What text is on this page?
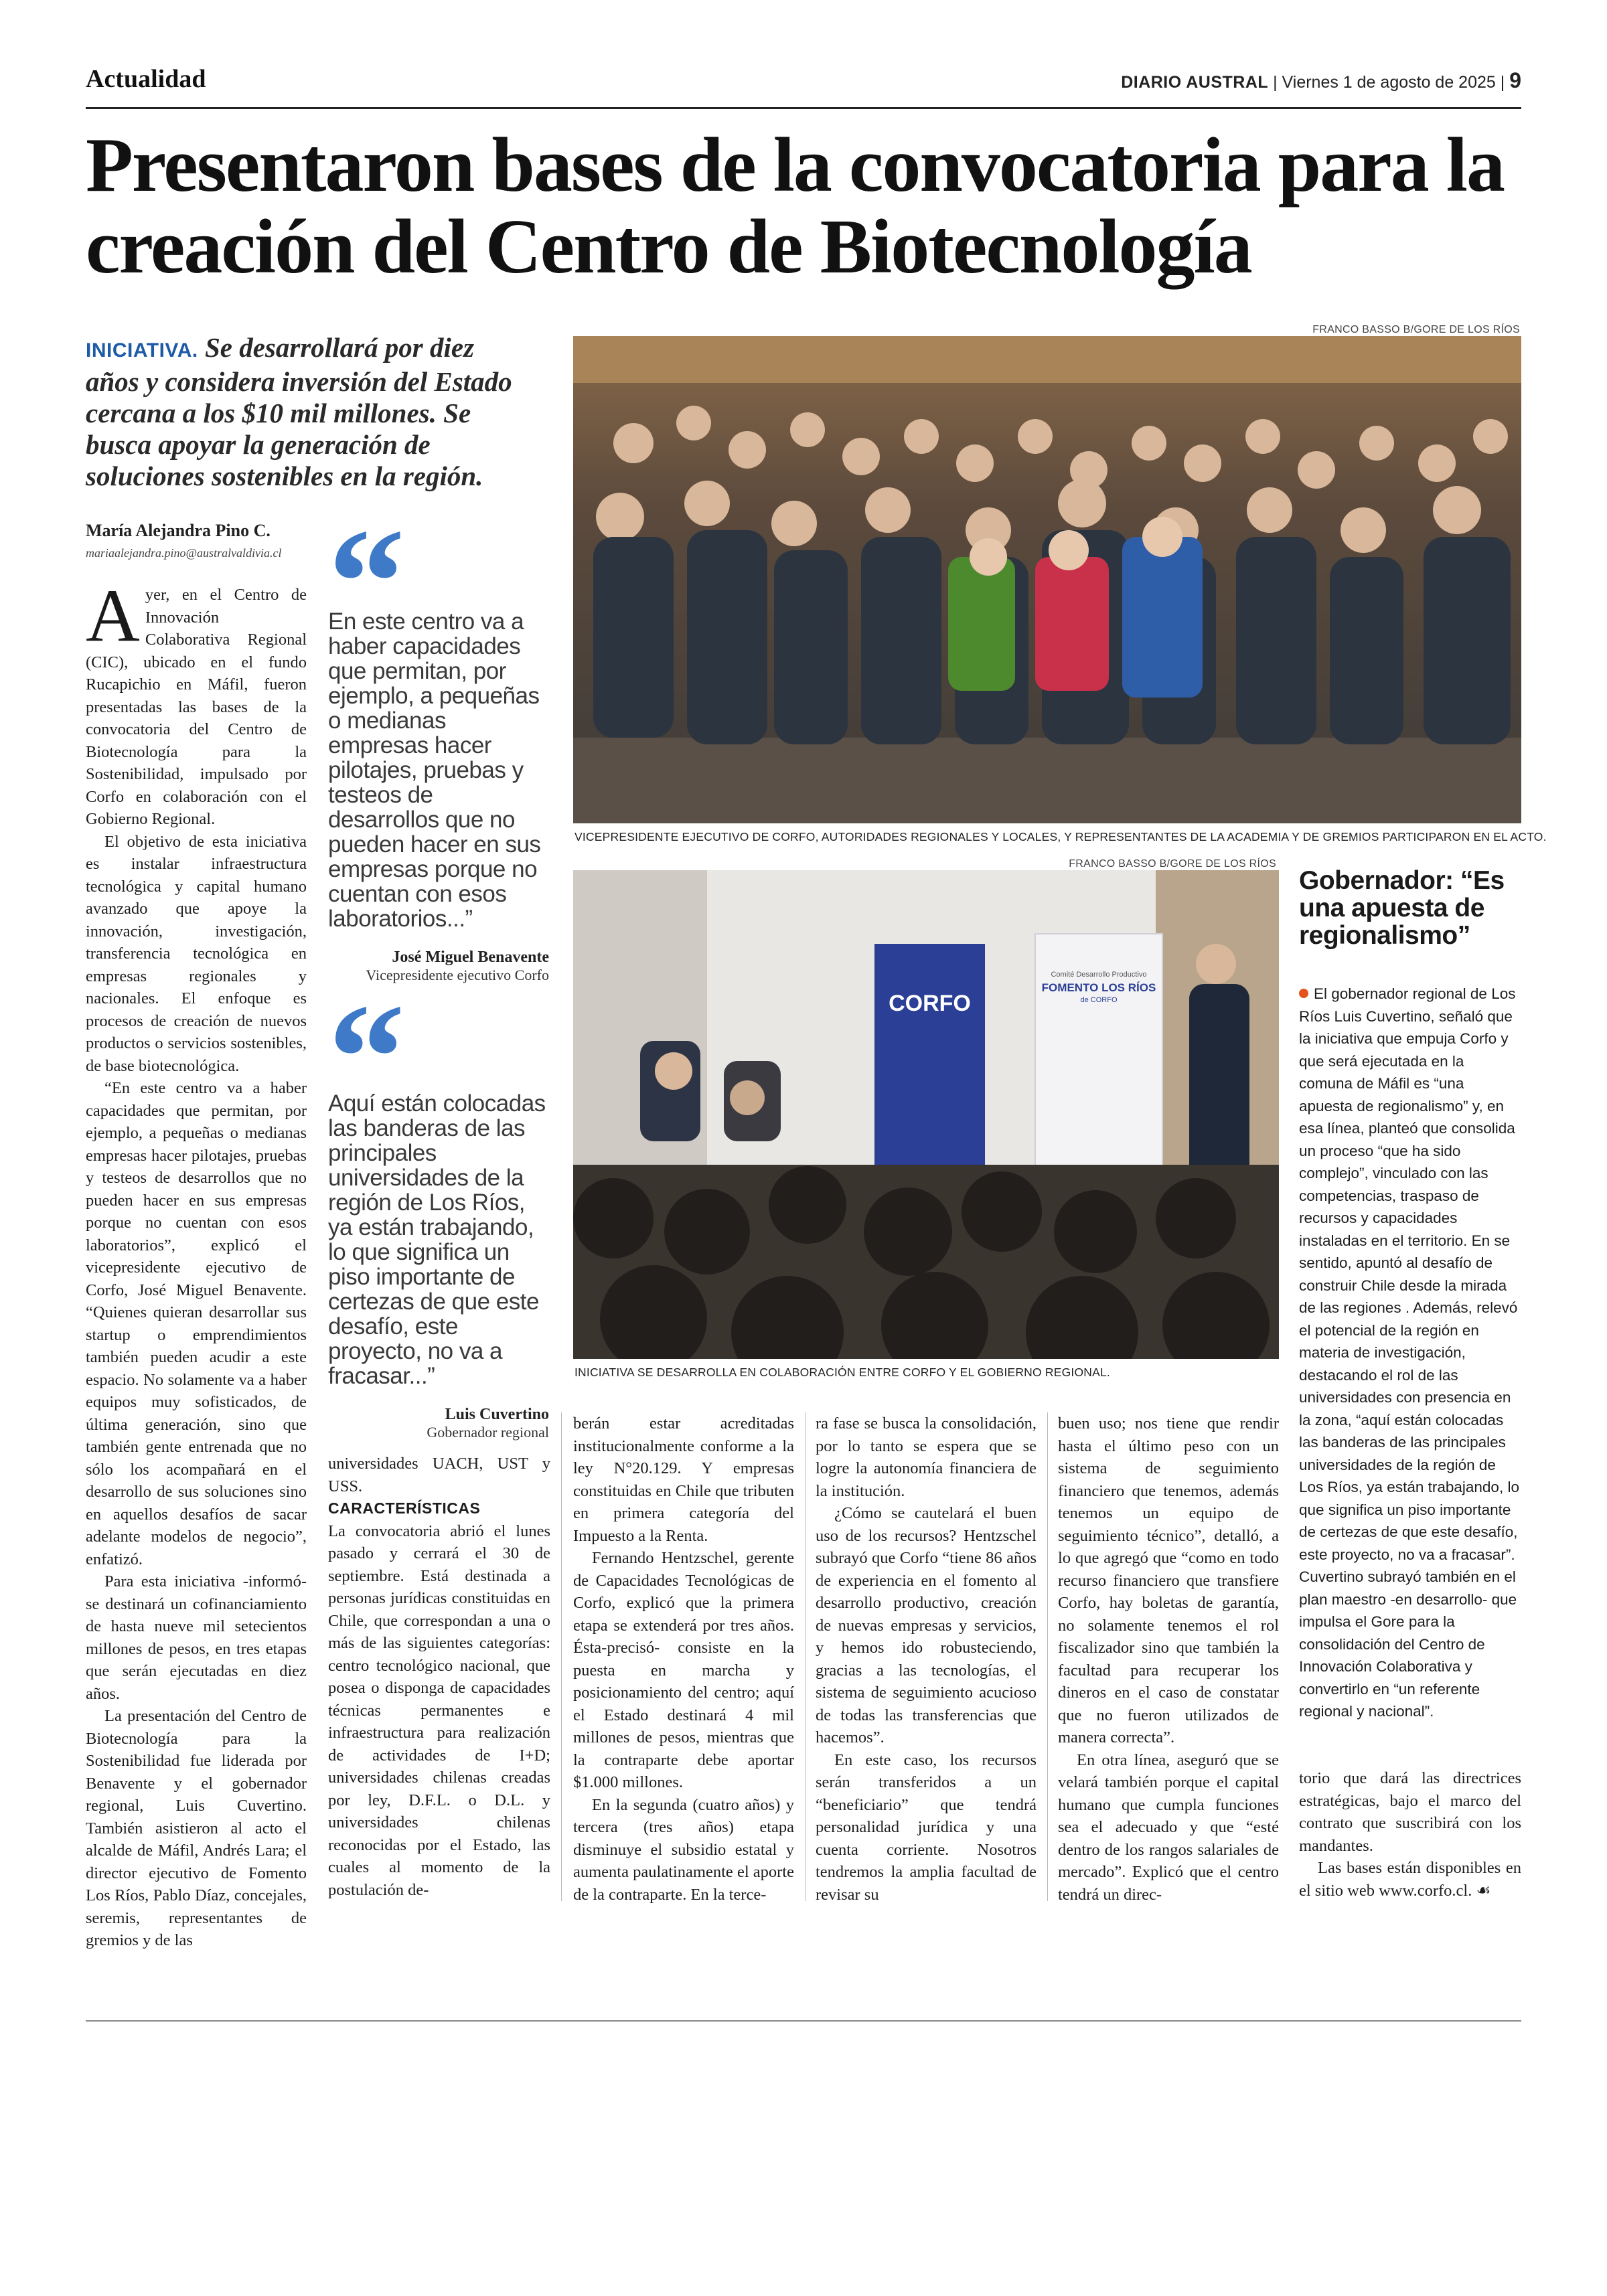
Actualidad	DIARIO AUSTRAL | Viernes 1 de agosto de 2025 | 9
Presentaron bases de la convocatoria para la creación del Centro de Biotecnología
INICIATIVA. Se desarrollará por diez años y considera inversión del Estado cercana a los $10 mil millones. Se busca apoyar la generación de soluciones sostenibles en la región.
María Alejandra Pino C.
mariaalejandra.pino@australvaldivia.cl

Ayer, en el Centro de Innovación Colaborativa Regional (CIC), ubicado en el fundo Rucapichio en Máfil, fueron presentadas las bases de la convocatoria del Centro de Biotecnología para la Sostenibilidad, impulsado por Corfo en colaboración con el Gobierno Regional.

El objetivo de esta iniciativa es instalar infraestructura tecnológica y capital humano avanzado que apoye la innovación, investigación, transferencia tecnológica en empresas regionales y nacionales. El enfoque es procesos de creación de nuevos productos o servicios sostenibles, de base biotecnológica.

“En este centro va a haber capacidades que permitan, por ejemplo, a pequeñas o medianas empresas hacer pilotajes, pruebas y testeos de desarrollos que no pueden hacer en sus empresas porque no cuentan con esos laboratorios”, explicó el vicepresidente ejecutivo de Corfo, José Miguel Benavente. “Quienes quieran desarrollar sus startup o emprendimientos también pueden acudir a este espacio. No solamente va a haber equipos muy sofisticados, de última generación, sino que también gente entrenada que no sólo los acompañará en el desarrollo de sus soluciones sino en aquellos desafíos de sacar adelante modelos de negocio”, enfatizó.

Para esta iniciativa -informó- se destinará un cofinanciamiento de hasta nueve mil setecientos millones de pesos, en tres etapas que serán ejecutadas en diez años.

La presentación del Centro de Biotecnología para la Sostenibilidad fue liderada por Benavente y el gobernador regional, Luis Cuvertino. También asistieron al acto el alcalde de Máfil, Andrés Lara; el director ejecutivo de Fomento Los Ríos, Pablo Díaz, concejales, seremis, representantes de gremios y de las

En este centro va a haber capacidades que permitan, por ejemplo, a pequeñas o medianas empresas hacer pilotajes, pruebas y testeos de desarrollos que no pueden hacer en sus empresas porque no cuentan con esos laboratorios...”
José Miguel Benavente
Vicepresidente ejecutivo Corfo
Aquí están colocadas las banderas de las principales universidades de la región de Los Ríos, ya están trabajando, lo que significa un piso importante de certezas de que este desafío, este proyecto, no va a fracasar...”
Luis Cuvertino
Gobernador regional
FRANCO BASSO B/GORE DE LOS RÍOS
VICEPRESIDENTE EJECUTIVO DE CORFO, AUTORIDADES REGIONALES Y LOCALES, Y REPRESENTANTES DE LA ACADEMIA Y DE GREMIOS PARTICIPARON EN EL ACTO.
FRANCO BASSO B/GORE DE LOS RÍOS
CORFO
Comité Desarrollo Productivo
FOMENTO LOS RÍOS
de CORFO
INICIATIVA SE DESARROLLA EN COLABORACIÓN ENTRE CORFO Y EL GOBIERNO REGIONAL.
Gobernador: “Es una apuesta de regionalismo”

El gobernador regional de Los Ríos Luis Cuvertino, señaló que la iniciativa que empuja Corfo y que será ejecutada en la comuna de Máfil es “una apuesta de regionalismo” y, en esa línea, planteó que consolida un proceso “que ha sido complejo”, vinculado con las competencias, traspaso de recursos y capacidades instaladas en el territorio. En se sentido, apuntó al desafío de construir Chile desde la mirada de las regiones . Además, relevó el potencial de la región en materia de investigación, destacando el rol de las universidades con presencia en la zona, “aquí están colocadas las banderas de las principales universidades de la región de Los Ríos, ya están trabajando, lo que significa un piso importante de certezas de que este desafío, este proyecto, no va a fracasar”. Cuvertino subrayó también en el plan maestro -en desarrollo- que impulsa el Gore para la consolidación del Centro de Innovación Colaborativa y convertirlo en “un referente regional y nacional”.

universidades UACH, UST y USS.

CARACTERÍSTICAS

La convocatoria abrió el lunes pasado y cerrará el 30 de septiembre. Está destinada a personas jurídicas constituidas en Chile, que correspondan a una o más de las siguientes categorías: centro tecnológico nacional, que posea o disponga de capacidades técnicas permanentes e infraestructura para realización de actividades de I+D; universidades chilenas creadas por ley, D.F.L. o D.L. y universidades chilenas reconocidas por el Estado, las cuales al momento de la postulación de-

berán estar acreditadas institucionalmente conforme a la ley N°20.129. Y empresas constituidas en Chile que tributen en primera categoría del Impuesto a la Renta.

Fernando Hentzschel, gerente de Capacidades Tecnológicas de Corfo, explicó que la primera etapa se extenderá por tres años. Ésta-precisó- consiste en la puesta en marcha y posicionamiento del centro; aquí el Estado destinará 4 mil millones de pesos, mientras que la contraparte debe aportar $1.000 millones.

En la segunda (cuatro años) y tercera (tres años) etapa disminuye el subsidio estatal y aumenta paulatinamente el aporte de la contraparte. En la terce-

ra fase se busca la consolidación, por lo tanto se espera que se logre la autonomía financiera de la institución.

¿Cómo se cautelará el buen uso de los recursos? Hentzschel subrayó que Corfo “tiene 86 años de experiencia en el fomento al desarrollo productivo, creación de nuevas empresas y servicios, y hemos ido robusteciendo, gracias a las tecnologías, el sistema de seguimiento acucioso de todas las transferencias que hacemos”.

En este caso, los recursos serán transferidos a un “beneficiario” que tendrá personalidad jurídica y una cuenta corriente. Nosotros tendremos la amplia facultad de revisar su

buen uso; nos tiene que rendir hasta el último peso con un sistema de seguimiento financiero que tenemos, además tenemos un equipo de seguimiento técnico”, detalló, a lo que agregó que “como en todo recurso financiero que transfiere Corfo, hay boletas de garantía, no solamente tenemos el rol fiscalizador sino que también la facultad para recuperar los dineros en el caso de constatar que no fueron utilizados de manera correcta”.

En otra línea, aseguró que se velará también porque el capital humano que cumpla funciones sea el adecuado y que “esté dentro de los rangos salariales de mercado”. Explicó que el centro tendrá un direc-

torio que dará las directrices estratégicas, bajo el marco del contrato que suscribirá con los mandantes.

Las bases están disponibles en el sitio web www.corfo.cl. ☙
